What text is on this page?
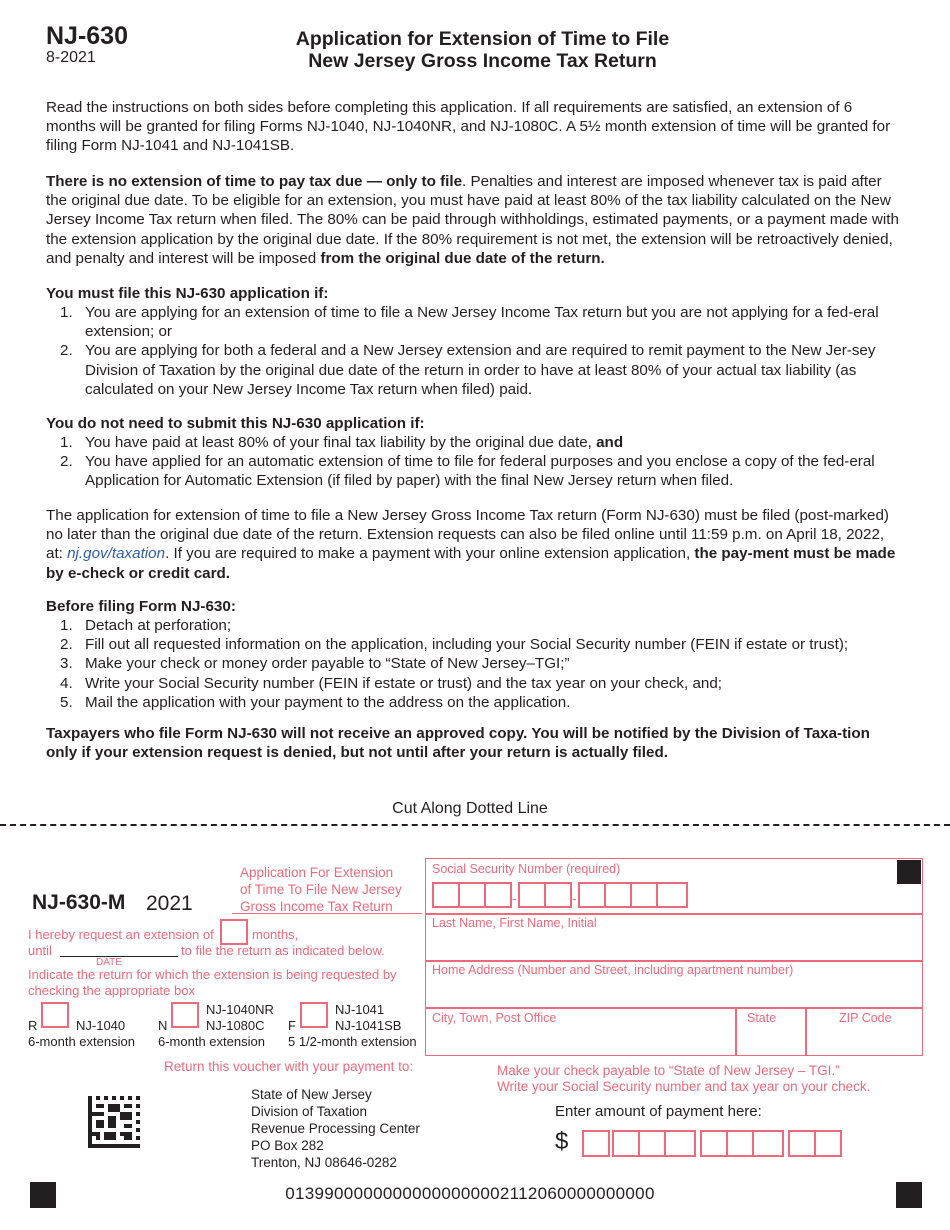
NJ-630
8-2021
Application for Extension of Time to File
New Jersey Gross Income Tax Return
Read the instructions on both sides before completing this application. If all requirements are satisfied, an extension of 6 months will be granted for filing Forms NJ-1040, NJ-1040NR, and NJ-1080C. A 5½ month extension of time will be granted for filing Form NJ-1041 and NJ-1041SB.
There is no extension of time to pay tax due — only to file. Penalties and interest are imposed whenever tax is paid after the original due date. To be eligible for an extension, you must have paid at least 80% of the tax liability calculated on the New Jersey Income Tax return when filed. The 80% can be paid through withholdings, estimated payments, or a payment made with the extension application by the original due date. If the 80% requirement is not met, the extension will be retroactively denied, and penalty and interest will be imposed from the original due date of the return.
You must file this NJ-630 application if:
1. You are applying for an extension of time to file a New Jersey Income Tax return but you are not applying for a fed-eral extension; or
2. You are applying for both a federal and a New Jersey extension and are required to remit payment to the New Jer-sey Division of Taxation by the original due date of the return in order to have at least 80% of your actual tax liability (as calculated on your New Jersey Income Tax return when filed) paid.
You do not need to submit this NJ-630 application if:
1. You have paid at least 80% of your final tax liability by the original due date, and
2. You have applied for an automatic extension of time to file for federal purposes and you enclose a copy of the fed-eral Application for Automatic Extension (if filed by paper) with the final New Jersey return when filed.
The application for extension of time to file a New Jersey Gross Income Tax return (Form NJ-630) must be filed (post-marked) no later than the original due date of the return. Extension requests can also be filed online until 11:59 p.m. on April 18, 2022, at: nj.gov/taxation. If you are required to make a payment with your online extension application, the pay-ment must be made by e-check or credit card.
Before filing Form NJ-630:
1. Detach at perforation;
2. Fill out all requested information on the application, including your Social Security number (FEIN if estate or trust);
3. Make your check or money order payable to “State of New Jersey–TGI;”
4. Write your Social Security number (FEIN if estate or trust) and the tax year on your check, and;
5. Mail the application with your payment to the address on the application.
Taxpayers who file Form NJ-630 will not receive an approved copy. You will be notified by the Division of Taxa-tion only if your extension request is denied, but not until after your return is actually filed.
Cut Along Dotted Line
Application For Extension
of Time To File New Jersey
Gross Income Tax Return
NJ-630-M 2021
I hereby request an extension of	months,
until
DATE
to file the return as indicated below.
Indicate the return for which the extension is being requested by checking the appropriate box
R	NJ-1040
6-month extension
N
NJ-1040NR
NJ-1080C
6-month extension
F
NJ-1041
NJ-1041SB
5 1/2-month extension
Return this voucher with your payment to:
State of New Jersey
Division of Taxation
Revenue Processing Center
PO Box 282
Trenton, NJ 08646-0282
Social Security Number (required)
-	-
Last Name, First Name, Initial
Home Address (Number and Street, including apartment number)
City, Town, Post Office	State	ZIP Code
Make your check payable to “State of New Jersey – TGI.”
Write your Social Security number and tax year on your check.
Enter amount of payment here:
$
01399000000000000000002112060000000000
